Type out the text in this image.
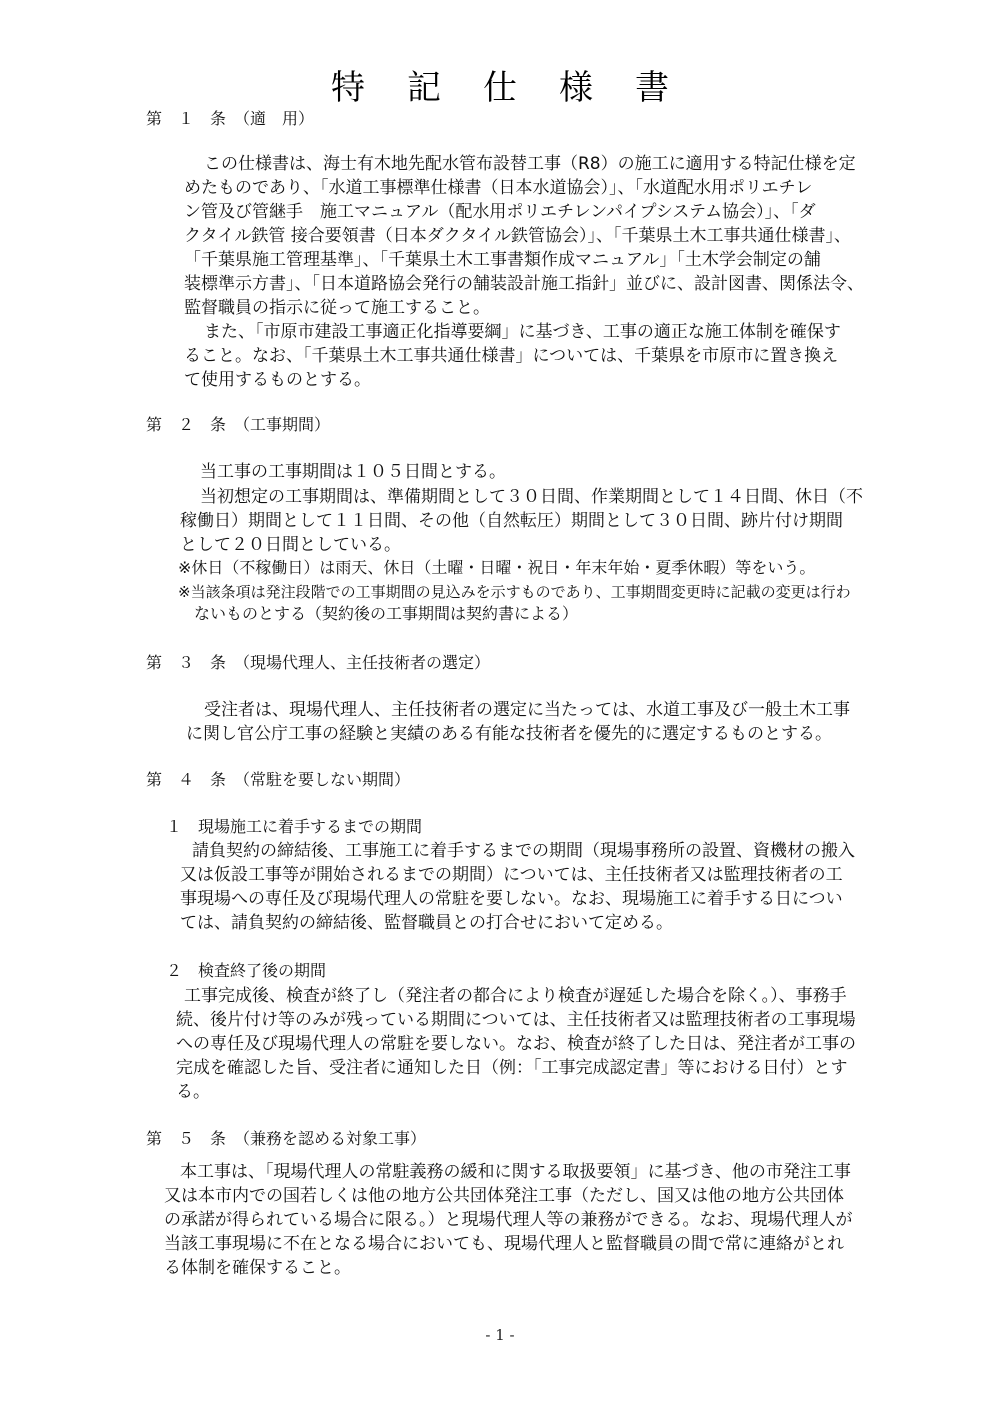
特記仕様書
第　１　条　（適　用）
この仕様書は、海士有木地先配水管布設替工事（R8）の施工に適用する特記仕様を定
めたものであり、「水道工事標準仕様書（日本水道協会）」、「水道配水用ポリエチレ
ン管及び管継手　施工マニュアル（配水用ポリエチレンパイプシステム協会）」、「ダ
クタイル鉄管 接合要領書（日本ダクタイル鉄管協会）」、「千葉県土木工事共通仕様書」、
「千葉県施工管理基準」、「千葉県土木工事書類作成マニュアル」「土木学会制定の舗
装標準示方書」、「日本道路協会発行の舗装設計施工指針」並びに、設計図書、関係法令、
監督職員の指示に従って施工すること。
また、「市原市建設工事適正化指導要綱」に基づき、工事の適正な施工体制を確保す
ること。なお、「千葉県土木工事共通仕様書」については、千葉県を市原市に置き換え
て使用するものとする。
第　２　条　（工事期間）
当工事の工事期間は１０５日間とする。
当初想定の工事期間は、準備期間として３０日間、作業期間として１４日間、休日（不
稼働日）期間として１１日間、その他（自然転圧）期間として３０日間、跡片付け期間
として２０日間としている。
※休日（不稼働日）は雨天、休日（土曜・日曜・祝日・年末年始・夏季休暇）等をいう。
※当該条項は発注段階での工事期間の見込みを示すものであり、工事期間変更時に記載の変更は行わ
ないものとする（契約後の工事期間は契約書による）
第　３　条　（現場代理人、主任技術者の選定）
受注者は、現場代理人、主任技術者の選定に当たっては、水道工事及び一般土木工事
に関し官公庁工事の経験と実績のある有能な技術者を優先的に選定するものとする。
第　４　条　（常駐を要しない期間）
１　現場施工に着手するまでの期間
請負契約の締結後、工事施工に着手するまでの期間（現場事務所の設置、資機材の搬入
又は仮設工事等が開始されるまでの期間）については、主任技術者又は監理技術者の工
事現場への専任及び現場代理人の常駐を要しない。なお、現場施工に着手する日につい
ては、請負契約の締結後、監督職員との打合せにおいて定める。
２　検査終了後の期間
工事完成後、検査が終了し（発注者の都合により検査が遅延した場合を除く。）、事務手
続、後片付け等のみが残っている期間については、主任技術者又は監理技術者の工事現場
への専任及び現場代理人の常駐を要しない。なお、検査が終了した日は、発注者が工事の
完成を確認した旨、受注者に通知した日（例：「工事完成認定書」等における日付）とす
る。
第　５　条　（兼務を認める対象工事）
本工事は、「現場代理人の常駐義務の緩和に関する取扱要領」に基づき、他の市発注工事
又は本市内での国若しくは他の地方公共団体発注工事（ただし、国又は他の地方公共団体
の承諾が得られている場合に限る。）と現場代理人等の兼務ができる。なお、現場代理人が
当該工事現場に不在となる場合においても、現場代理人と監督職員の間で常に連絡がとれ
る体制を確保すること。
- 1 -
